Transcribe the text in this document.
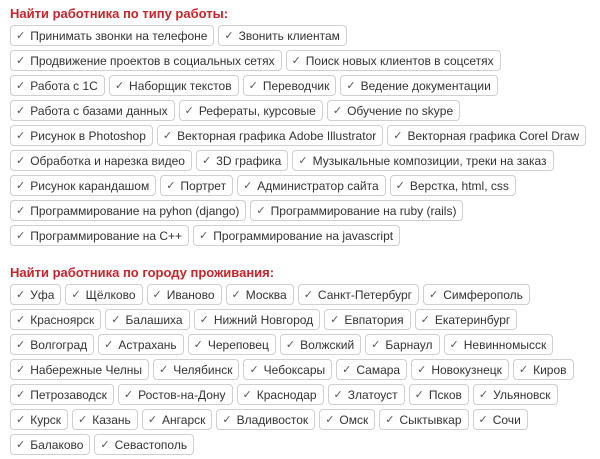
Найти работника по типу работы:
✓ Принимать звонки на телефоне ✓ Звонить клиентам
✓ Продвижение проектов в социальных сетях ✓ Поиск новых клиентов в соцсетях
✓ Работа с 1С ✓ Наборщик текстов ✓ Переводчик ✓ Ведение документации
✓ Работа с базами данных ✓ Рефераты, курсовые ✓ Обучение по skype
✓ Рисунок в Photoshop ✓ Векторная графика Adobe Illustrator ✓ Векторная графика Corel Draw
✓ Обработка и нарезка видео ✓ 3D графика ✓ Музыкальные композиции, треки на заказ
✓ Рисунок карандашом ✓ Портрет ✓ Администратор сайта ✓ Верстка, html, css
✓ Программирование на pyhon (django) ✓ Программирование на ruby (rails)
✓ Программирование на С++ ✓ Программирование на javascript
Найти работника по городу проживания:
✓ Уфа ✓ Щёлково ✓ Иваново ✓ Москва ✓ Санкт-Петербург ✓ Симферополь
✓ Красноярск ✓ Балашиха ✓ Нижний Новгород ✓ Евпатория ✓ Екатеринбург
✓ Волгоград ✓ Астрахань ✓ Череповец ✓ Волжский ✓ Барнаул ✓ Невинномысск
✓ Набережные Челны ✓ Челябинск ✓ Чебоксары ✓ Самара ✓ Новокузнецк ✓ Киров
✓ Петрозаводск ✓ Ростов-на-Дону ✓ Краснодар ✓ Златоуст ✓ Псков ✓ Ульяновск
✓ Курск ✓ Казань ✓ Ангарск ✓ Владивосток ✓ Омск ✓ Сыктывкар ✓ Сочи
✓ Балаково ✓ Севастополь
